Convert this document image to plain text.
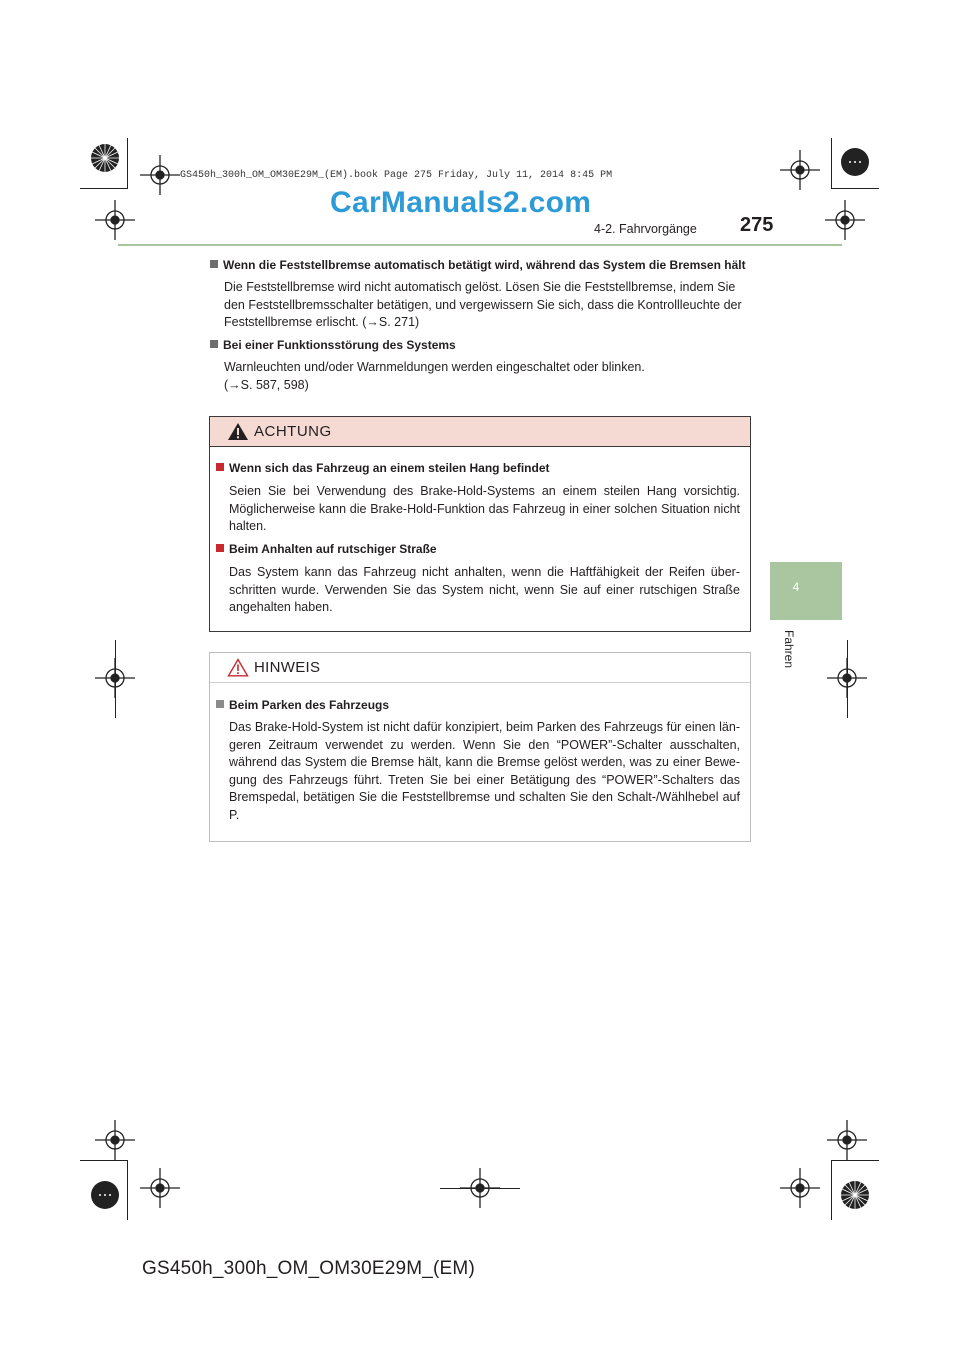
GS450h_300h_OM_OM30E29M_(EM).book Page 275 Friday, July 11, 2014 8:45 PM
CarManuals2.com
4-2. Fahrvorgänge 275
4
Fahren
Wenn die Feststellbremse automatisch betätigt wird, während das System die Bremsen hält
Die Feststellbremse wird nicht automatisch gelöst. Lösen Sie die Feststellbremse, indem Sie
den Feststellbremsschalter betätigen, und vergewissern Sie sich, dass die Kontrollleuchte der
Feststellbremse erlischt. (→S. 271)
Bei einer Funktionsstörung des Systems
Warnleuchten und/oder Warnmeldungen werden eingeschaltet oder blinken.
(→S. 587, 598)
ACHTUNG
Wenn sich das Fahrzeug an einem steilen Hang befindet
Seien Sie bei Verwendung des Brake-Hold-Systems an einem steilen Hang vorsichtig. Möglicherweise kann die Brake-Hold-Funktion das Fahrzeug in einer solchen Situation nicht halten.
Beim Anhalten auf rutschiger Straße
Das System kann das Fahrzeug nicht anhalten, wenn die Haftfähigkeit der Reifen über-schritten wurde. Verwenden Sie das System nicht, wenn Sie auf einer rutschigen Straße angehalten haben.
HINWEIS
Beim Parken des Fahrzeugs
Das Brake-Hold-System ist nicht dafür konzipiert, beim Parken des Fahrzeugs für einen län-geren Zeitraum verwendet zu werden. Wenn Sie den “POWER”-Schalter ausschalten, während das System die Bremse hält, kann die Bremse gelöst werden, was zu einer Bewe-gung des Fahrzeugs führt. Treten Sie bei einer Betätigung des “POWER”-Schalters das Bremspedal, betätigen Sie die Feststellbremse und schalten Sie den Schalt-/Wählhebel auf P.
GS450h_300h_OM_OM30E29M_(EM)
